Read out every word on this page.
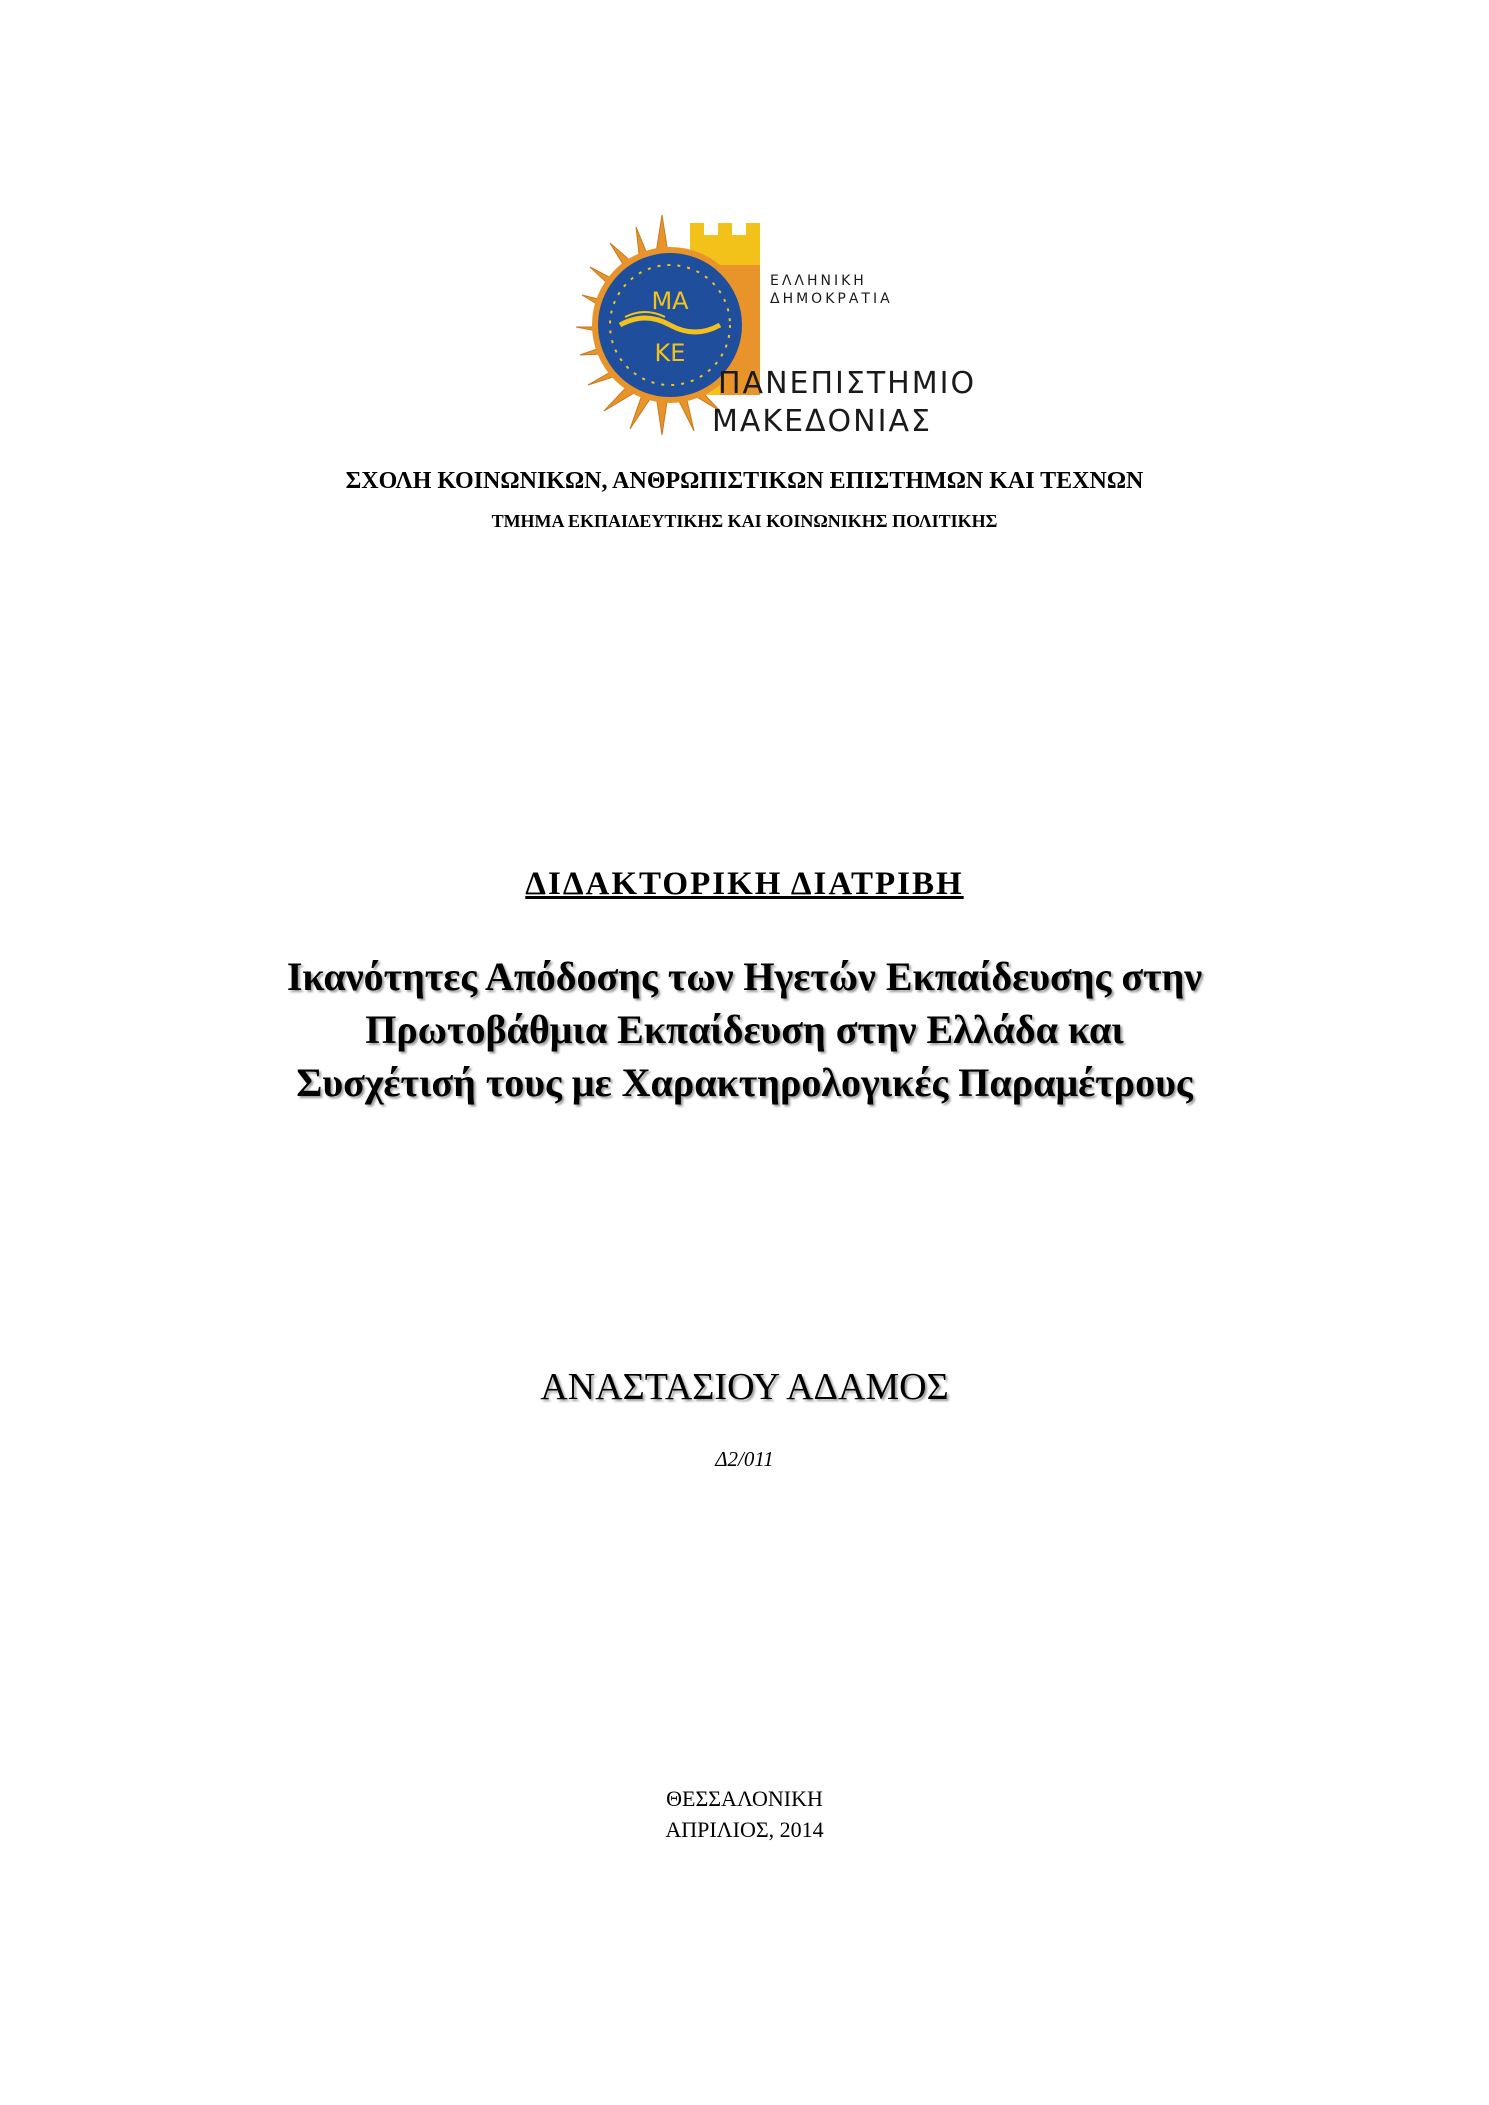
ΜΑ
ΚΕ
ΕΛΛΗΝΙΚΗ
ΔΗΜΟΚΡΑΤΙΑ
ΠΑΝΕΠΙΣΤΗΜΙΟ
ΜΑΚΕΔΟΝΙΑΣ
ΣΧΟΛΗ ΚΟΙΝΩΝΙΚΩΝ, ΑΝΘΡΩΠΙΣΤΙΚΩΝ ΕΠΙΣΤΗΜΩΝ ΚΑΙ ΤΕΧΝΩΝ
ΤΜΗΜΑ ΕΚΠΑΙΔΕΥΤΙΚΗΣ ΚΑΙ ΚΟΙΝΩΝΙΚΗΣ ΠΟΛΙΤΙΚΗΣ
ΔΙΔΑΚΤΟΡΙΚΗ ΔΙΑΤΡΙΒΗ
Ικανότητες Απόδοσης των Ηγετών Εκπαίδευσης στην
Πρωτοβάθμια Εκπαίδευση στην Ελλάδα και
Συσχέτισή τους με Χαρακτηρολογικές Παραμέτρους
ΑΝΑΣΤΑΣΙΟΥ ΑΔΑΜΟΣ
Δ2/011
ΘΕΣΣΑΛΟΝΙΚΗ
ΑΠΡΙΛΙΟΣ, 2014
